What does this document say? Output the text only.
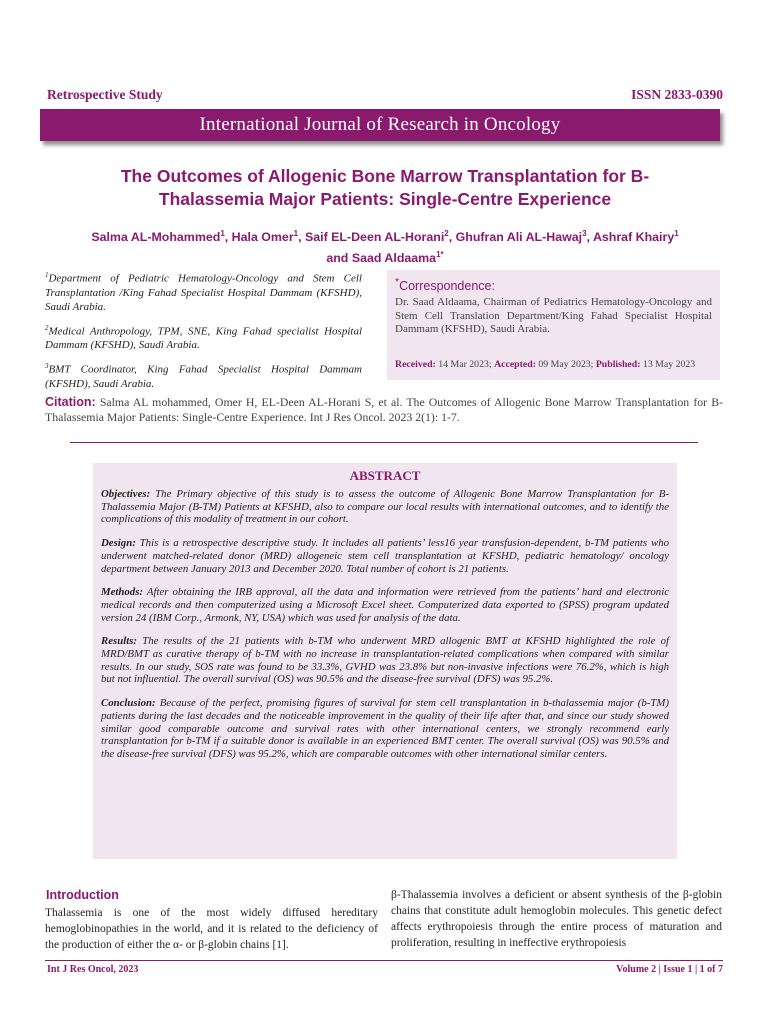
Retrospective Study	ISSN 2833-0390
International Journal of Research in Oncology
The Outcomes of Allogenic Bone Marrow Transplantation for B-Thalassemia Major Patients: Single-Centre Experience
Salma AL-Mohammed$^1$, Hala Omer$^1$, Saif EL-Deen AL-Horani$^2$, Ghufran Ali AL-Hawaj$^3$, Ashraf Khairy$^1$
and Saad Aldaama$^{1*}$

$^1$Department of Pediatric Hematology-Oncology and Stem Cell Transplantation /King Fahad Specialist Hospital Dammam (KFSHD), Saudi Arabia.

$^2$Medical Anthropology, TPM, SNE, King Fahad specialist Hospital Dammam (KFSHD), Saudi Arabia.

$^3$BMT Coordinator, King Fahad Specialist Hospital Dammam (KFSHD), Saudi Arabia.

*Correspondence:
Dr. Saad Aldaama, Chairman of Pediatrics Hematology-Oncology and Stem Cell Translation Department/King Fahad Specialist Hospital Dammam (KFSHD), Saudi Arabia.
Received: 14 Mar 2023; Accepted: 09 May 2023; Published: 13 May 2023
Citation: Salma AL mohammed, Omer H, EL-Deen AL-Horani S, et al. The Outcomes of Allogenic Bone Marrow Transplantation for B- Thalassemia Major Patients: Single-Centre Experience. Int J Res Oncol. 2023 2(1): 1-7.
ABSTRACT

Objectives: The Primary objective of this study is to assess the outcome of Allogenic Bone Marrow Transplantation for B- Thalassemia Major (B-TM) Patients at KFSHD, also to compare our local results with international outcomes, and to identify the complications of this modality of treatment in our cohort.

Design: This is a retrospective descriptive study. It includes all patients’ less16 year transfusion-dependent, b-TM patients who underwent matched-related donor (MRD) allogeneic stem cell transplantation at KFSHD, pediatric hematology/ oncology department between January 2013 and December 2020. Total number of cohort is 21 patients.

Methods: After obtaining the IRB approval, all the data and information were retrieved from the patients’ hard and electronic medical records and then computerized using a Microsoft Excel sheet. Computerized data exported to (SPSS) program updated version 24 (IBM Corp., Armonk, NY, USA) which was used for analysis of the data.

Results: The results of the 21 patients with b-TM who underwent MRD allogenic BMT at KFSHD highlighted the role of MRD/BMT as curative therapy of b-TM with no increase in transplantation-related complications when compared with similar results. In our study, SOS rate was found to be 33.3%, GVHD was 23.8% but non-invasive infections were 76.2%, which is high but not influential. The overall survival (OS) was 90.5% and the disease-free survival (DFS) was 95.2%.

Conclusion: Because of the perfect, promising figures of survival for stem cell transplantation in b-thalassemia major (b-TM) patients during the last decades and the noticeable improvement in the quality of their life after that, and since our study showed similar good comparable outcome and survival rates with other international centers, we strongly recommend early transplantation for b-TM if a suitable donor is available in an experienced BMT center. The overall survival (OS) was 90.5% and the disease-free survival (DFS) was 95.2%, which are comparable outcomes with other international similar centers.

Introduction
Thalassemia is one of the most widely diffused hereditary hemoglobinopathies in the world, and it is related to the deficiency of the production of either the α- or β-globin chains [1].
β-Thalassemia involves a deficient or absent synthesis of the β-globin chains that constitute adult hemoglobin molecules. This genetic defect affects erythropoiesis through the entire process of maturation and proliferation, resulting in ineffective erythropoiesis
Int J Res Oncol, 2023	Volume 2 | Issue 1 | 1 of 7
